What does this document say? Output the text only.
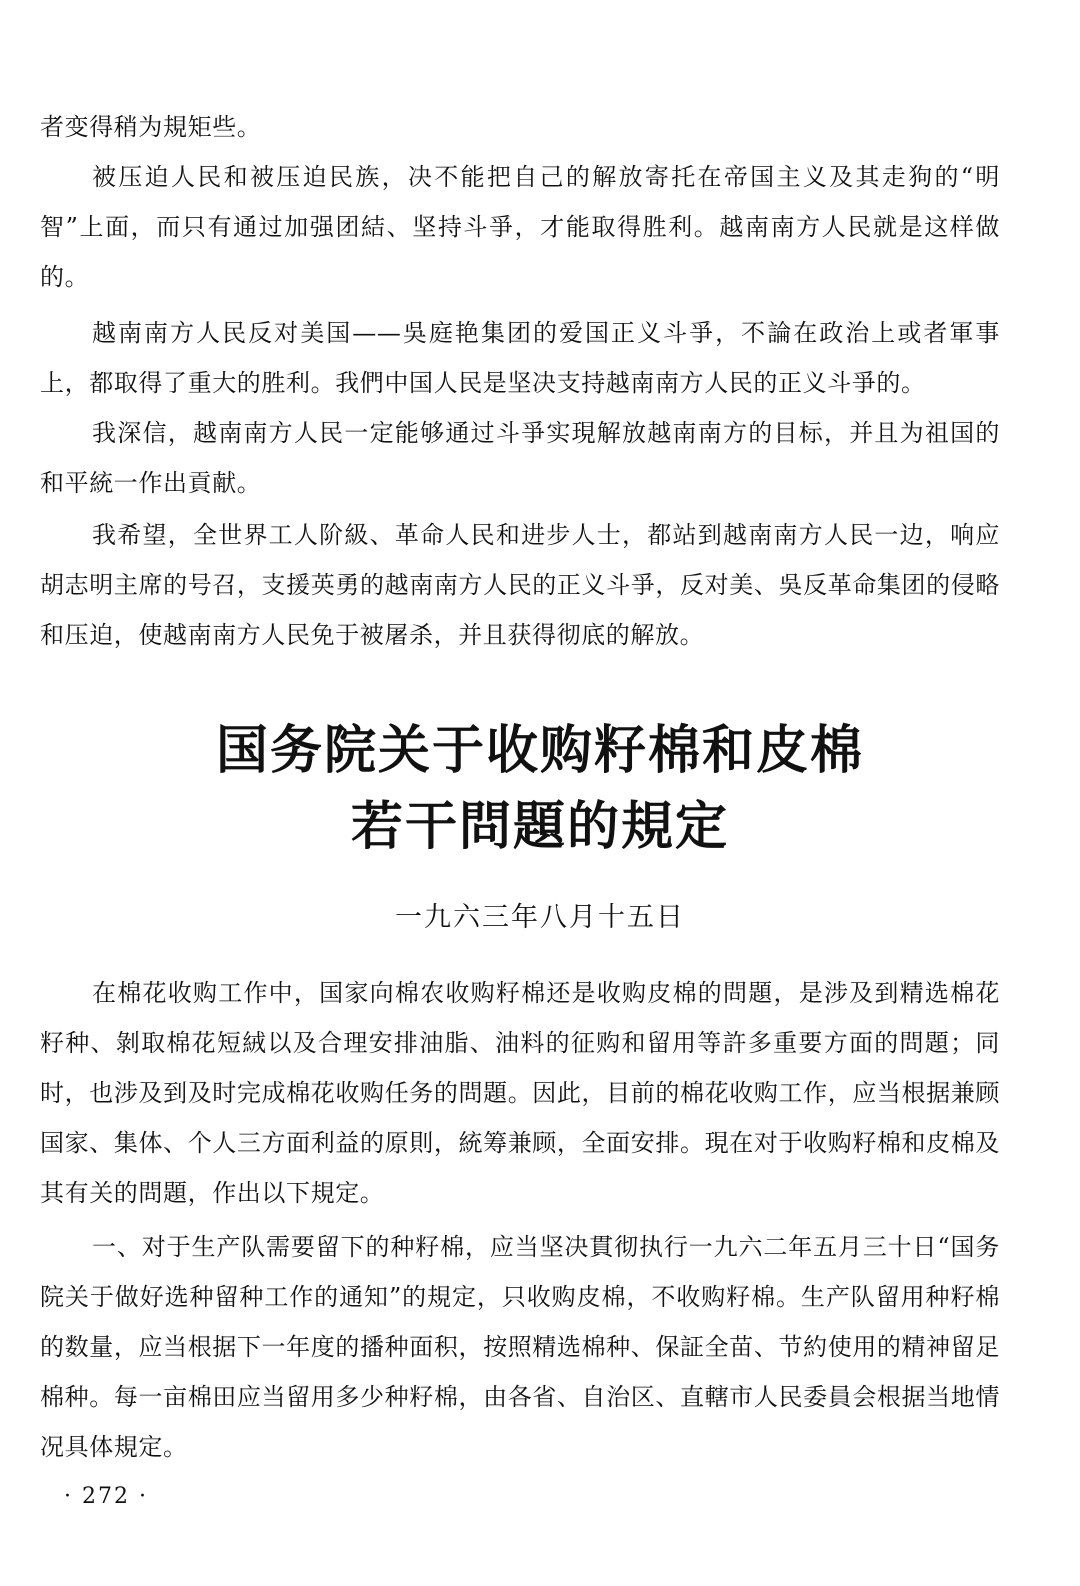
者变得稍为規矩些。

被压迫人民和被压迫民族，决不能把自己的解放寄托在帝国主义及其走狗的“明智”上面，而只有通过加强团結、坚持斗爭，才能取得胜利。越南南方人民就是这样做的。

越南南方人民反对美国——吳庭艳集团的爱国正义斗爭，不論在政治上或者軍事上，都取得了重大的胜利。我們中国人民是坚决支持越南南方人民的正义斗爭的。

我深信，越南南方人民一定能够通过斗爭实現解放越南南方的目标，并且为祖国的和平統一作出貢献。

我希望，全世界工人阶級、革命人民和进步人士，都站到越南南方人民一边，响应胡志明主席的号召，支援英勇的越南南方人民的正义斗爭，反对美、吳反革命集团的侵略和压迫，使越南南方人民免于被屠杀，并且获得彻底的解放。

国务院关于收购籽棉和皮棉
若干問題的規定

一九六三年八月十五日

在棉花收购工作中，国家向棉农收购籽棉还是收购皮棉的問題，是涉及到精选棉花籽种、剝取棉花短絨以及合理安排油脂、油料的征购和留用等許多重要方面的問題；同时，也涉及到及时完成棉花收购任务的問題。因此，目前的棉花收购工作，应当根据兼顾国家、集体、个人三方面利益的原則，統筹兼顾，全面安排。現在对于收购籽棉和皮棉及其有关的問題，作出以下規定。

一、对于生产队需要留下的种籽棉，应当坚决貫彻执行一九六二年五月三十日“国务院关于做好选种留种工作的通知”的規定，只收购皮棉，不收购籽棉。生产队留用种籽棉的数量，应当根据下一年度的播种面积，按照精选棉种、保証全苗、节約使用的精神留足棉种。每一亩棉田应当留用多少种籽棉，由各省、自治区、直轄市人民委員会根据当地情况具体規定。

· 272 ·
